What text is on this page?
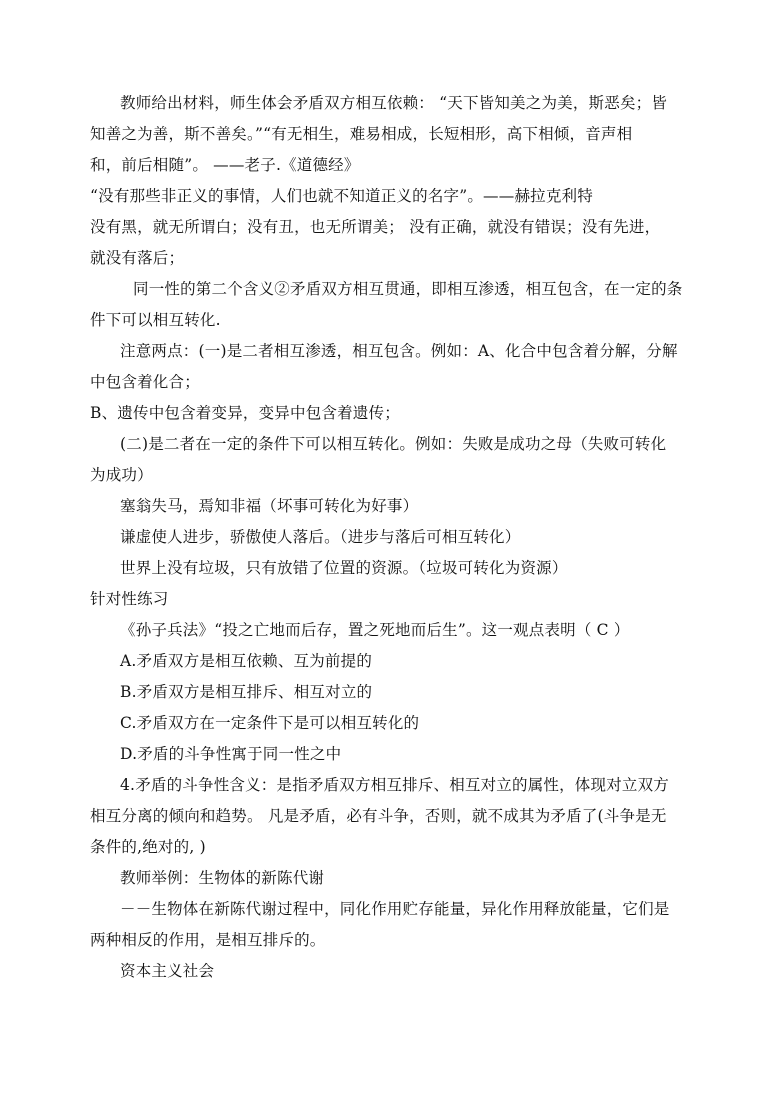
教师给出材料，师生体会矛盾双方相互依赖： “天下皆知美之为美，斯恶矣；皆
知善之为善，斯不善矣。”“有无相生，难易相成，长短相形，高下相倾，音声相
和，前后相随”。 ——老子.《道德经》
“没有那些非正义的事情，人们也就不知道正义的名字”。——赫拉克利特
没有黑，就无所谓白；没有丑，也无所谓美； 没有正确，就没有错误；没有先进，
就没有落后；
同一性的第二个含义②矛盾双方相互贯通，即相互渗透，相互包含，在一定的条
件下可以相互转化.
注意两点：(一)是二者相互渗透，相互包含。例如：A、化合中包含着分解，分解
中包含着化合；
B、遗传中包含着变异，变异中包含着遗传；
(二)是二者在一定的条件下可以相互转化。例如：失败是成功之母（失败可转化
为成功）
塞翁失马，焉知非福（坏事可转化为好事）
谦虚使人进步，骄傲使人落后。（进步与落后可相互转化）
世界上没有垃圾，只有放错了位置的资源。（垃圾可转化为资源）
针对性练习
《孙子兵法》“投之亡地而后存，置之死地而后生”。这一观点表明（ C ）
A.矛盾双方是相互依赖、互为前提的
B.矛盾双方是相互排斥、相互对立的
C.矛盾双方在一定条件下是可以相互转化的
D.矛盾的斗争性寓于同一性之中
4.矛盾的斗争性含义：是指矛盾双方相互排斥、相互对立的属性，体现对立双方
相互分离的倾向和趋势。 凡是矛盾，必有斗争，否则，就不成其为矛盾了(斗争是无
条件的,绝对的, )
教师举例：生物体的新陈代谢
－－生物体在新陈代谢过程中，同化作用贮存能量，异化作用释放能量，它们是
两种相反的作用，是相互排斥的。
资本主义社会
